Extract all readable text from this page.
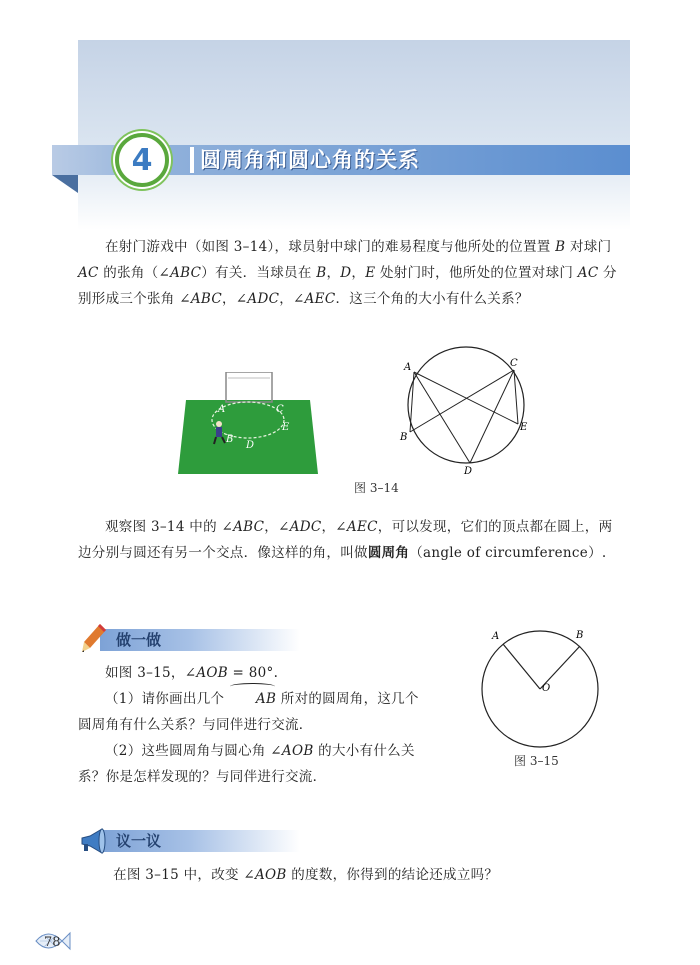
4	圆周角和圆心角的关系

在射门游戏中（如图 3–14），球员射中球门的难易程度与他所处的位置置 B 对球门 AC 的张角（∠ABC）有关．当球员在 B，D，E 处射门时，他所处的位置对球门 AC 分别形成三个张角 ∠ABC，∠ADC，∠AEC．这三个角的大小有什么关系？

A	C
B
D
E
A	C
B
D
E
图 3–14

观察图 3–14 中的 ∠ABC，∠ADC，∠AEC，可以发现，它们的顶点都在圆上，两边分别与圆还有另一个交点．像这样的角，叫做圆周角（angle of circumference）.

做一做

如图 3–15，∠AOB = 80°.

（1）请你画出几个
AB 所对的圆周角，这几个圆周角有什么关系？与同伴进行交流．

（2）这些圆周角与圆心角 ∠AOB 的大小有什么关系？你是怎样发现的？与同伴进行交流．

A	B
O
图 3–15
议一议

在图 3–15 中，改变 ∠AOB 的度数，你得到的结论还成立吗？

78
